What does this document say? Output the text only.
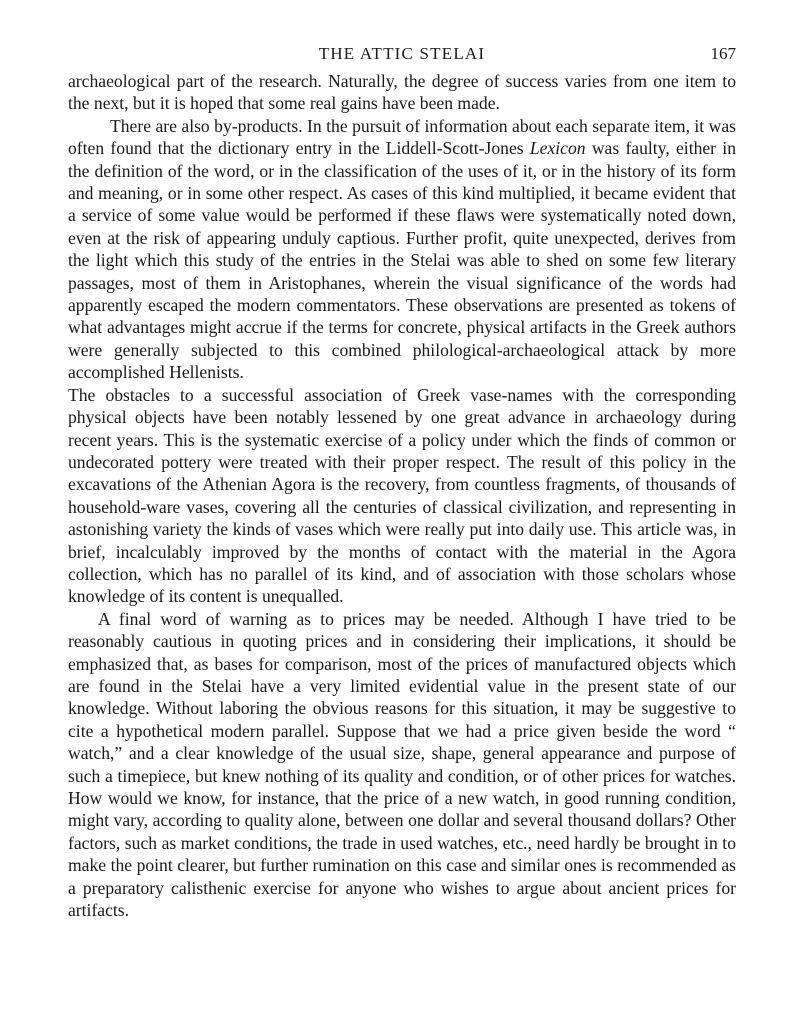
THE ATTIC STELAI	167

archaeological part of the research. Naturally, the degree of success varies from one item to the next, but it is hoped that some real gains have been made.

There are also by-products. In the pursuit of information about each separate item, it was often found that the dictionary entry in the Liddell-Scott-Jones Lexicon was faulty, either in the definition of the word, or in the classification of the uses of it, or in the history of its form and meaning, or in some other respect. As cases of this kind multiplied, it became evident that a service of some value would be performed if these flaws were systematically noted down, even at the risk of appearing unduly captious. Further profit, quite unexpected, derives from the light which this study of the entries in the Stelai was able to shed on some few literary passages, most of them in Aristophanes, wherein the visual significance of the words had apparently escaped the modern commentators. These observations are presented as tokens of what advantages might accrue if the terms for concrete, physical artifacts in the Greek authors were generally subjected to this combined philological-archaeological attack by more accomplished Hellenists.

The obstacles to a successful association of Greek vase-names with the corresponding physical objects have been notably lessened by one great advance in archaeology during recent years. This is the systematic exercise of a policy under which the finds of common or undecorated pottery were treated with their proper respect. The result of this policy in the excavations of the Athenian Agora is the recovery, from countless fragments, of thousands of household-ware vases, covering all the centuries of classical civilization, and representing in astonishing variety the kinds of vases which were really put into daily use. This article was, in brief, incalculably improved by the months of contact with the material in the Agora collection, which has no parallel of its kind, and of association with those scholars whose knowledge of its content is unequalled.

A final word of warning as to prices may be needed. Although I have tried to be reasonably cautious in quoting prices and in considering their implications, it should be emphasized that, as bases for comparison, most of the prices of manufactured objects which are found in the Stelai have a very limited evidential value in the present state of our knowledge. Without laboring the obvious reasons for this situation, it may be suggestive to cite a hypothetical modern parallel. Suppose that we had a price given beside the word “ watch,” and a clear knowledge of the usual size, shape, general appearance and purpose of such a timepiece, but knew nothing of its quality and condition, or of other prices for watches. How would we know, for instance, that the price of a new watch, in good running condition, might vary, according to quality alone, between one dollar and several thousand dollars? Other factors, such as market conditions, the trade in used watches, etc., need hardly be brought in to make the point clearer, but further rumination on this case and similar ones is recommended as a preparatory calisthenic exercise for anyone who wishes to argue about ancient prices for artifacts.
